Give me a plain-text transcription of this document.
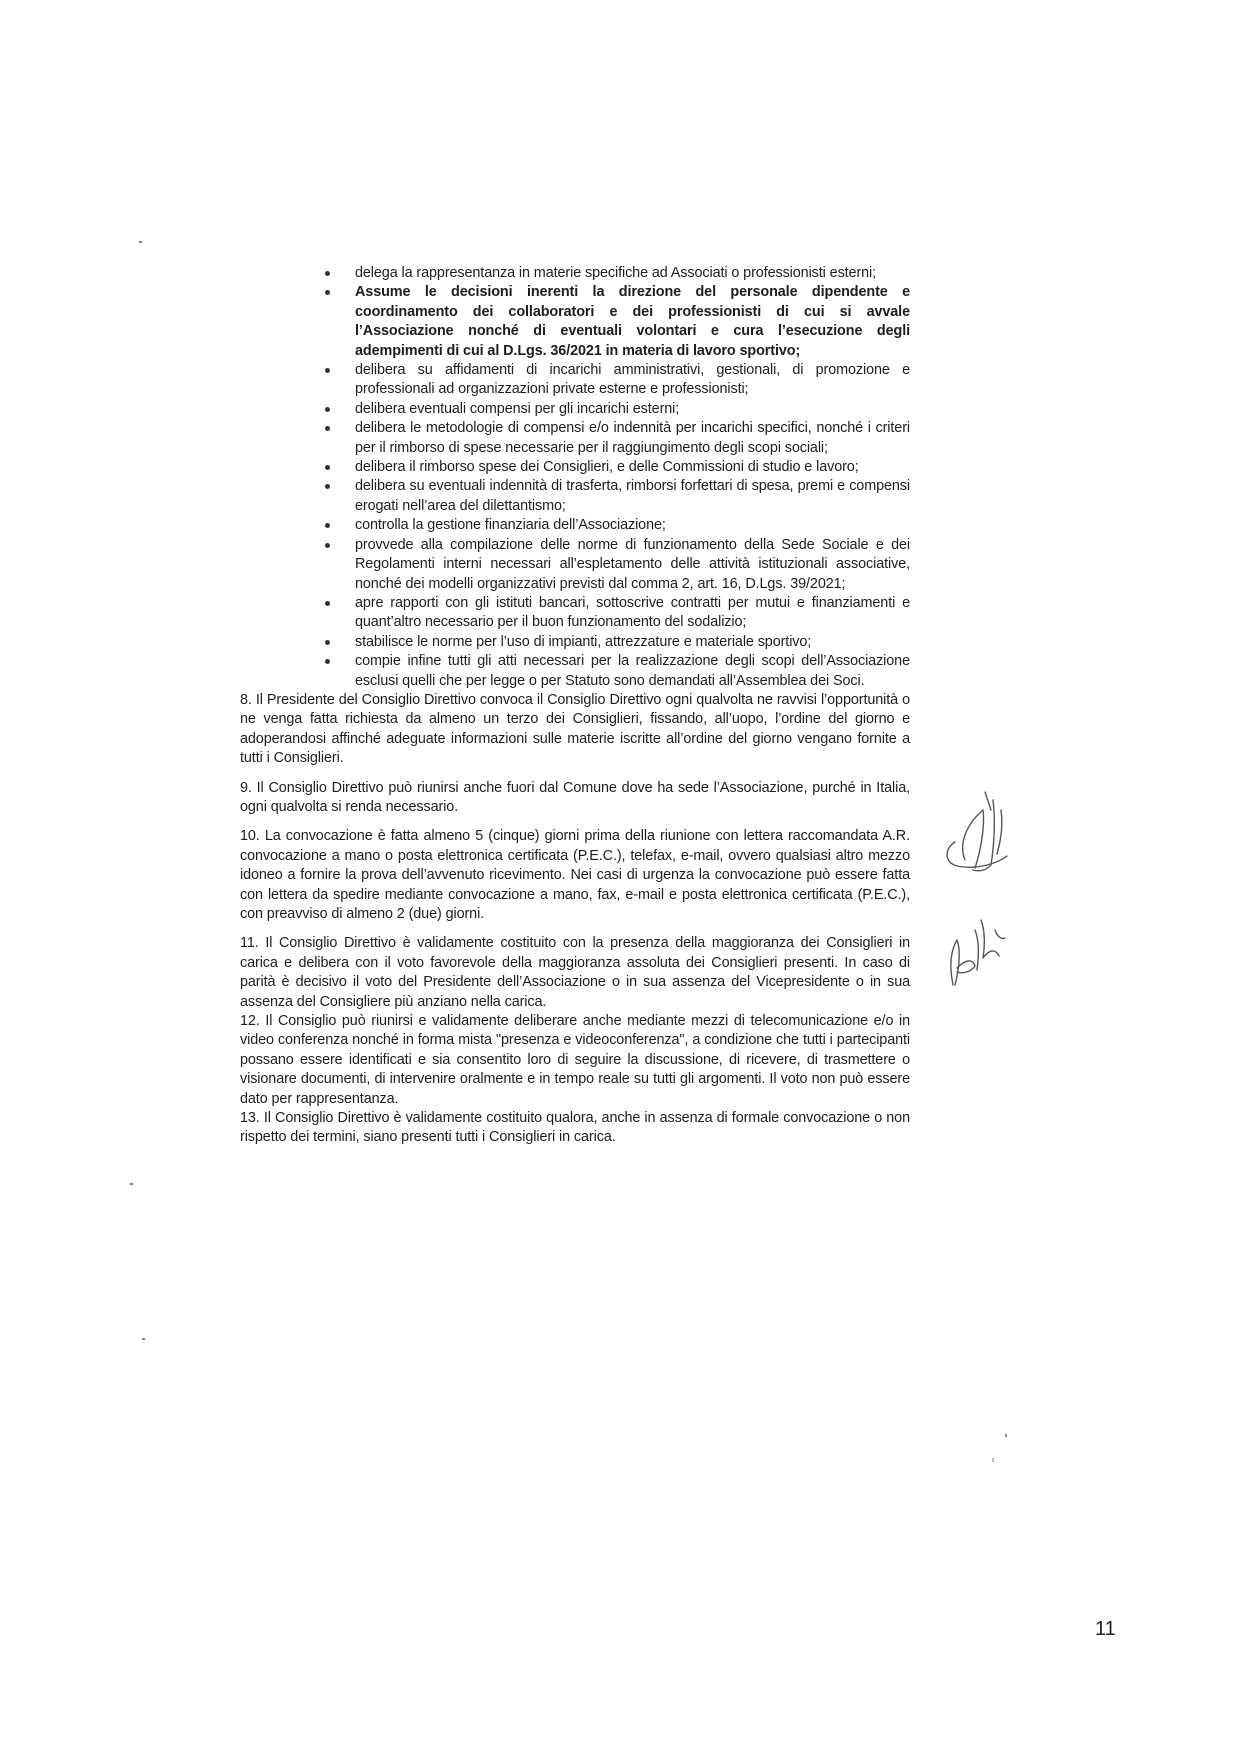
delega la rappresentanza in materie specifiche ad Associati o professionisti esterni;
Assume le decisioni inerenti la direzione del personale dipendente e coordinamento dei collaboratori e dei professionisti di cui si avvale l’Associazione nonché di eventuali volontari e cura l’esecuzione degli adempimenti di cui al D.Lgs. 36/2021 in materia di lavoro sportivo;
delibera su affidamenti di incarichi amministrativi, gestionali, di promozione e professionali ad organizzazioni private esterne e professionisti;
delibera eventuali compensi per gli incarichi esterni;
delibera le metodologie di compensi e/o indennità per incarichi specifici, nonché i criteri per il rimborso di spese necessarie per il raggiungimento degli scopi sociali;
delibera il rimborso spese dei Consiglieri, e delle Commissioni di studio e lavoro;
delibera su eventuali indennità di trasferta, rimborsi forfettari di spesa, premi e compensi erogati nell’area del dilettantismo;
controlla la gestione finanziaria dell’Associazione;
provvede alla compilazione delle norme di funzionamento della Sede Sociale e dei Regolamenti interni necessari all’espletamento delle attività istituzionali associative, nonché dei modelli organizzativi previsti dal comma 2, art. 16, D.Lgs. 39/2021;
apre rapporti con gli istituti bancari, sottoscrive contratti per mutui e finanziamenti e quant’altro necessario per il buon funzionamento del sodalizio;
stabilisce le norme per l’uso di impianti, attrezzature e materiale sportivo;
compie infine tutti gli atti necessari per la realizzazione degli scopi dell’Associazione esclusi quelli che per legge o per Statuto sono demandati all’Assemblea dei Soci.

8. Il Presidente del Consiglio Direttivo convoca il Consiglio Direttivo ogni qualvolta ne ravvisi l’opportunità o ne venga fatta richiesta da almeno un terzo dei Consiglieri, fissando, all’uopo, l’ordine del giorno e adoperandosi affinché adeguate informazioni sulle materie iscritte all’ordine del giorno vengano fornite a tutti i Consiglieri.

9. Il Consiglio Direttivo può riunirsi anche fuori dal Comune dove ha sede l’Associazione, purché in Italia, ogni qualvolta si renda necessario.

10. La convocazione è fatta almeno 5 (cinque) giorni prima della riunione con lettera raccomandata A.R. convocazione a mano o posta elettronica certificata (P.E.C.), telefax, e-mail, ovvero qualsiasi altro mezzo idoneo a fornire la prova dell’avvenuto ricevimento. Nei casi di urgenza la convocazione può essere fatta con lettera da spedire mediante convocazione a mano, fax, e-mail e posta elettronica certificata (P.E.C.), con preavviso di almeno 2 (due) giorni.

11. Il Consiglio Direttivo è validamente costituito con la presenza della maggioranza dei Consiglieri in carica e delibera con il voto favorevole della maggioranza assoluta dei Consiglieri presenti. In caso di parità è decisivo il voto del Presidente dell’Associazione o in sua assenza del Vicepresidente o in sua assenza del Consigliere più anziano nella carica.

12. Il Consiglio può riunirsi e validamente deliberare anche mediante mezzi di telecomunicazione e/o in video conferenza nonché in forma mista "presenza e videoconferenza", a condizione che tutti i partecipanti possano essere identificati e sia consentito loro di seguire la discussione, di ricevere, di trasmettere o visionare documenti, di intervenire oralmente e in tempo reale su tutti gli argomenti. Il voto non può essere dato per rappresentanza.

13. Il Consiglio Direttivo è validamente costituito qualora, anche in assenza di formale convocazione o non rispetto dei termini, siano presenti tutti i Consiglieri in carica.

11
